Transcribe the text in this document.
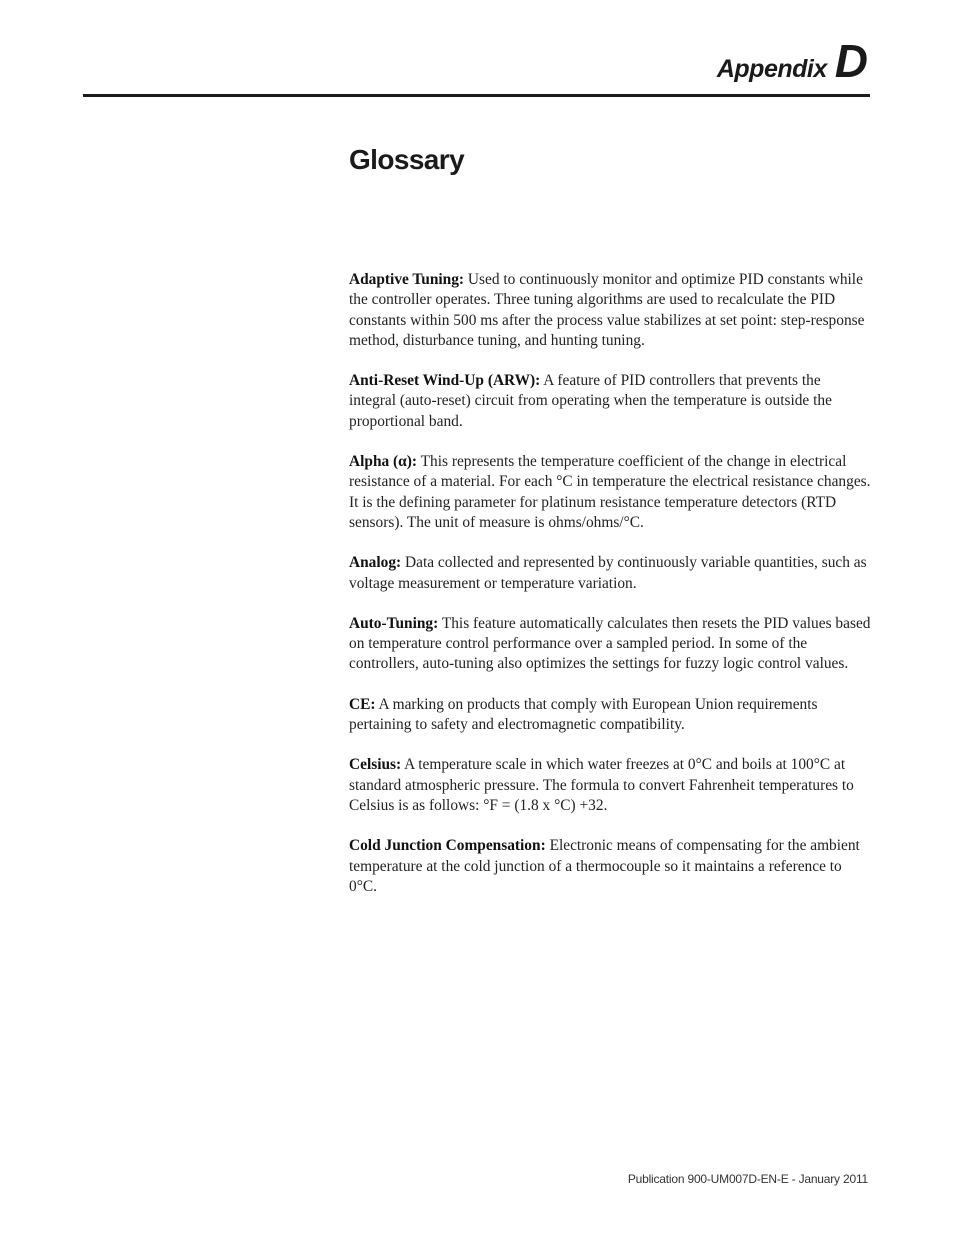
Appendix D
Glossary

Adaptive Tuning: Used to continuously monitor and optimize PID constants while the controller operates. Three tuning algorithms are used to recalculate the PID constants within 500 ms after the process value stabilizes at set point: step-response method, disturbance tuning, and hunting tuning.

Anti-Reset Wind-Up (ARW): A feature of PID controllers that prevents the integral (auto-reset) circuit from operating when the temperature is outside the proportional band.

Alpha (α): This represents the temperature coefficient of the change in electrical resistance of a material. For each °C in temperature the electrical resistance changes. It is the defining parameter for platinum resistance temperature detectors (RTD sensors). The unit of measure is ohms/ohms/°C.

Analog: Data collected and represented by continuously variable quantities, such as voltage measurement or temperature variation.

Auto-Tuning: This feature automatically calculates then resets the PID values based on temperature control performance over a sampled period. In some of the controllers, auto-tuning also optimizes the settings for fuzzy logic control values.

CE: A marking on products that comply with European Union requirements pertaining to safety and electromagnetic compatibility.

Celsius: A temperature scale in which water freezes at 0°C and boils at 100°C at standard atmospheric pressure. The formula to convert Fahrenheit temperatures to Celsius is as follows: °F = (1.8 x °C) +32.

Cold Junction Compensation: Electronic means of compensating for the ambient temperature at the cold junction of a thermocouple so it maintains a reference to 0°C.

Publication 900-UM007D-EN-E - January 2011
